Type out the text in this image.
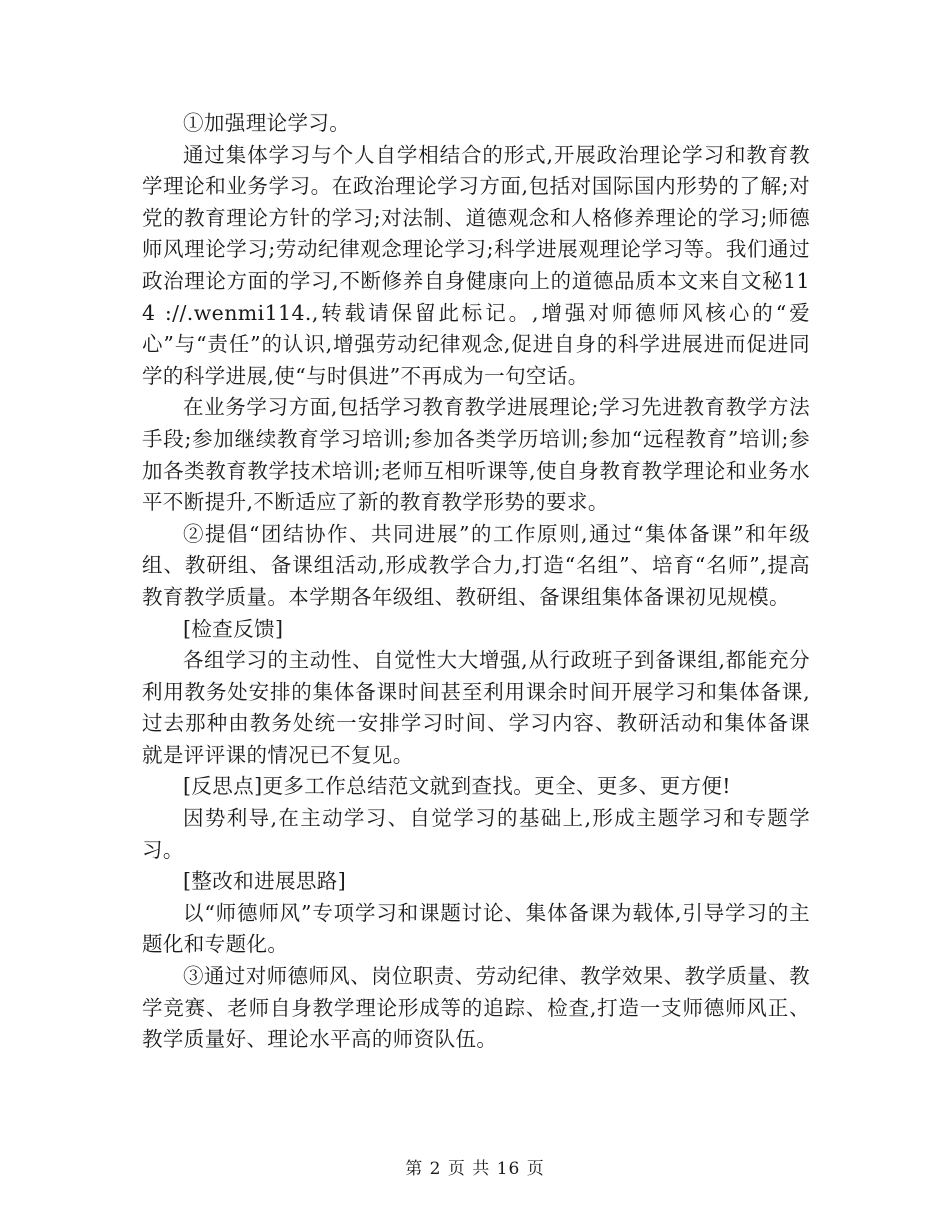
①加强理论学习。

通过集体学习与个人自学相结合的形式,开展政治理论学习和教育教学理论和业务学习。在政治理论学习方面,包括对国际国内形势的了解;对党的教育理论方针的学习;对法制、道德观念和人格修养理论的学习;师德师风理论学习;劳动纪律观念理论学习;科学进展观理论学习等。我们通过政治理论方面的学习,不断修养自身健康向上的道德品质本文来自文秘114 ://.wenmi114.,转载请保留此标记。,增强对师德师风核心的“爱心”与“责任”的认识,增强劳动纪律观念,促进自身的科学进展进而促进同学的科学进展,使“与时俱进”不再成为一句空话。

在业务学习方面,包括学习教育教学进展理论;学习先进教育教学方法手段;参加继续教育学习培训;参加各类学历培训;参加“远程教育”培训;参加各类教育教学技术培训;老师互相听课等,使自身教育教学理论和业务水平不断提升,不断适应了新的教育教学形势的要求。

②提倡“团结协作、共同进展”的工作原则,通过“集体备课”和年级组、教研组、备课组活动,形成教学合力,打造“名组”、培育“名师”,提高教育教学质量。本学期各年级组、教研组、备课组集体备课初见规模。

[检查反馈]

各组学习的主动性、自觉性大大增强,从行政班子到备课组,都能充分利用教务处安排的集体备课时间甚至利用课余时间开展学习和集体备课,过去那种由教务处统一安排学习时间、学习内容、教研活动和集体备课就是评评课的情况已不复见。

[反思点]更多工作总结范文就到查找。更全、更多、更方便!

因势利导,在主动学习、自觉学习的基础上,形成主题学习和专题学习。

[整改和进展思路]

以“师德师风”专项学习和课题讨论、集体备课为载体,引导学习的主题化和专题化。

③通过对师德师风、岗位职责、劳动纪律、教学效果、教学质量、教学竞赛、老师自身教学理论形成等的追踪、检查,打造一支师德师风正、教学质量好、理论水平高的师资队伍。

第 2 页 共 16 页
